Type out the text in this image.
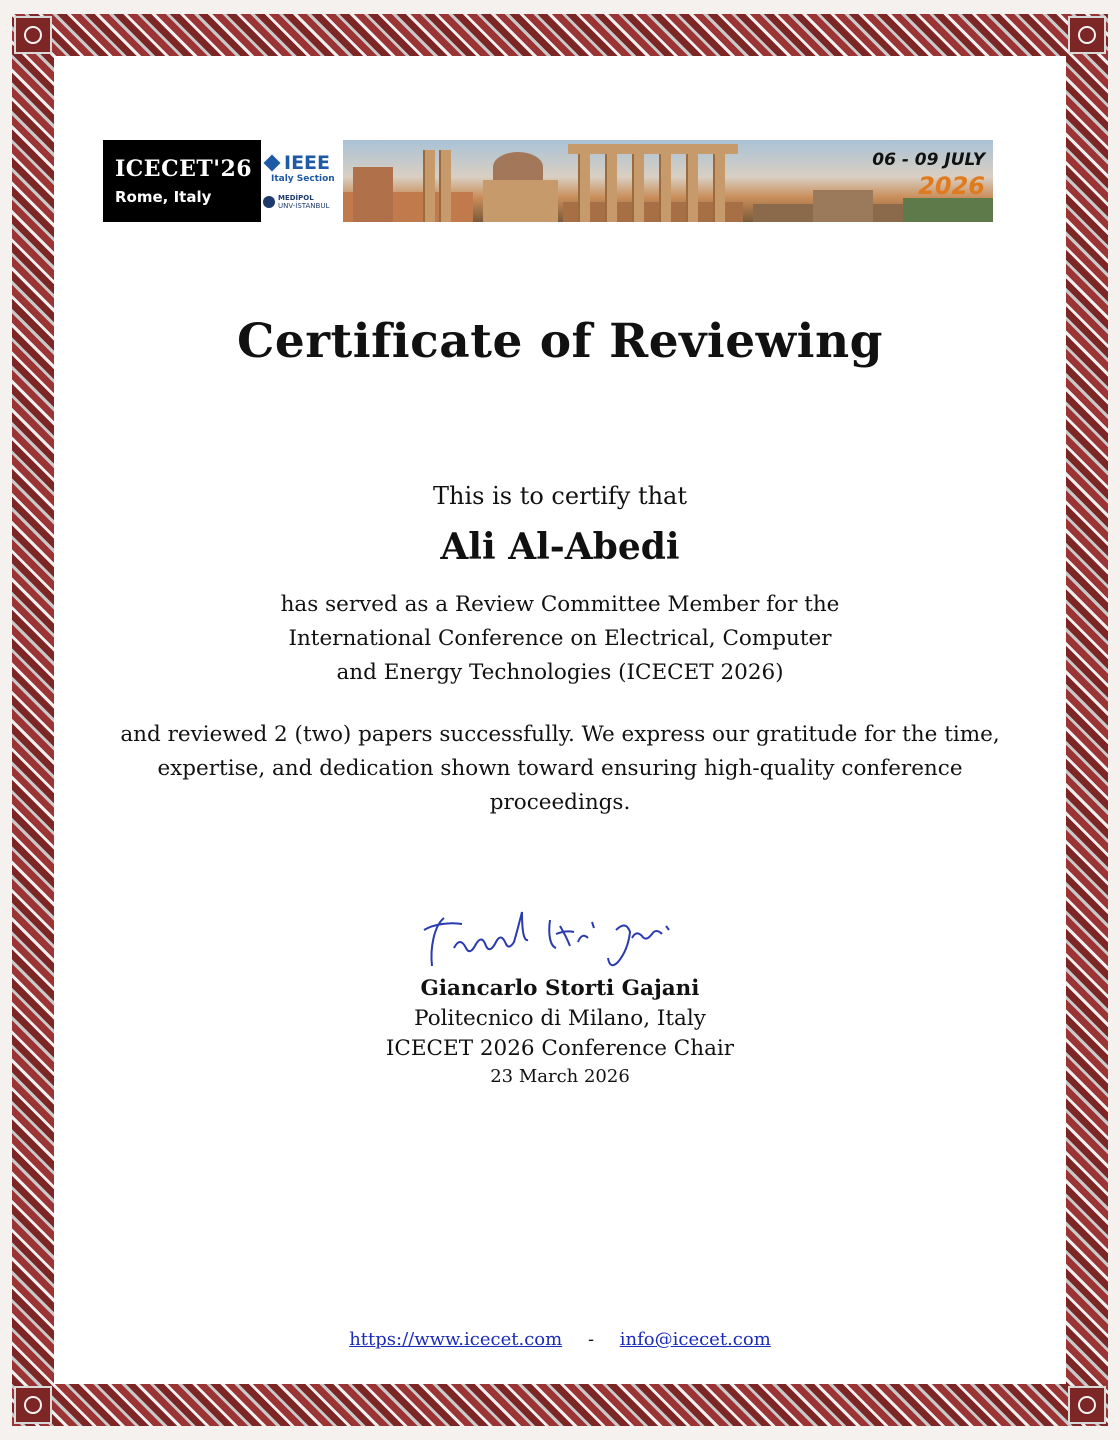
ICECET'26
Rome, Italy
IEEE
Italy Section
MEDİPOL
UNV-İSTANBUL
06 - 09 JULY
2026
Certificate of Reviewing
This is to certify that
Ali Al-Abedi
has served as a Review Committee Member for the
International Conference on Electrical, Computer
and Energy Technologies (ICECET 2026)
and reviewed 2 (two) papers successfully. We express our gratitude for the time,
expertise, and dedication shown toward ensuring high-quality conference
proceedings.
Giancarlo Storti Gajani
Politecnico di Milano, Italy
ICECET 2026 Conference Chair
23 March 2026
https://www.icecet.com - info@icecet.com
